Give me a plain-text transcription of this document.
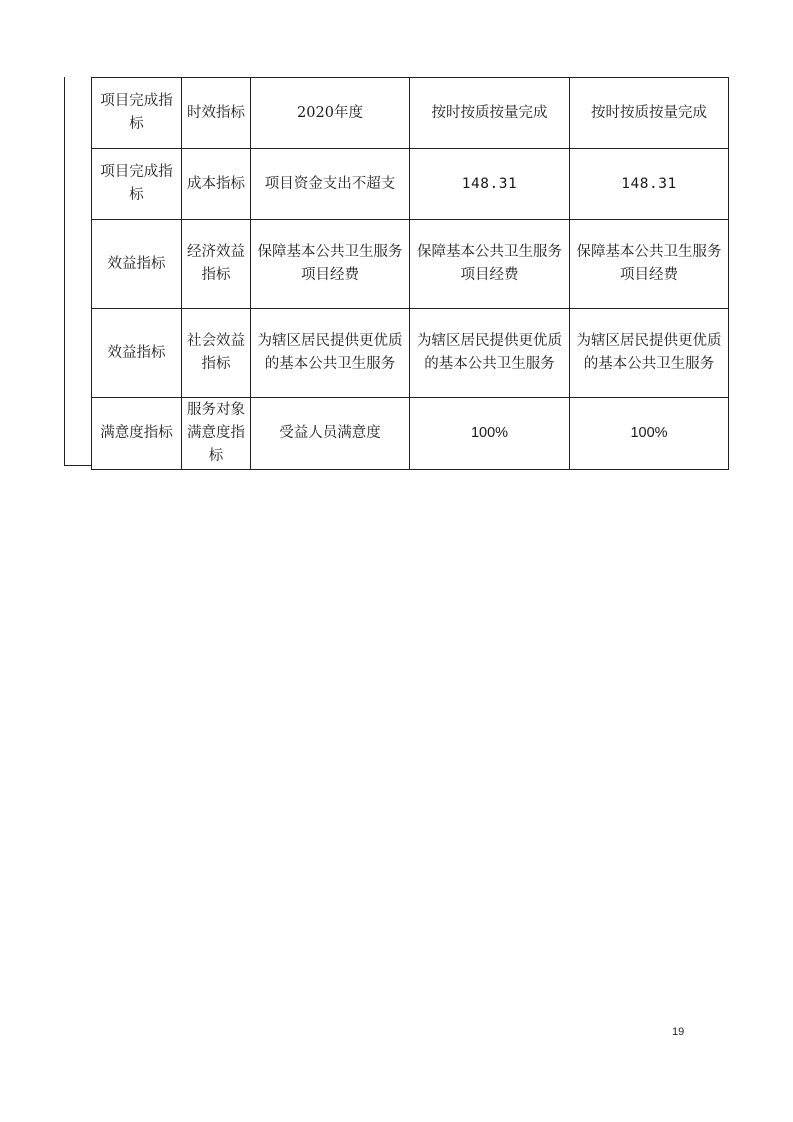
项目完成指标	时效指标	2020年度	按时按质按量完成	按时按质按量完成
项目完成指标	成本指标	项目资金支出不超支	148.31	148.31
效益指标	经济效益指标	保障基本公共卫生服务项目经费	保障基本公共卫生服务项目经费	保障基本公共卫生服务项目经费
效益指标	社会效益指标	为辖区居民提供更优质的基本公共卫生服务	为辖区居民提供更优质的基本公共卫生服务	为辖区居民提供更优质的基本公共卫生服务
满意度指标	服务对象满意度指标	受益人员满意度	100%	100%
19
